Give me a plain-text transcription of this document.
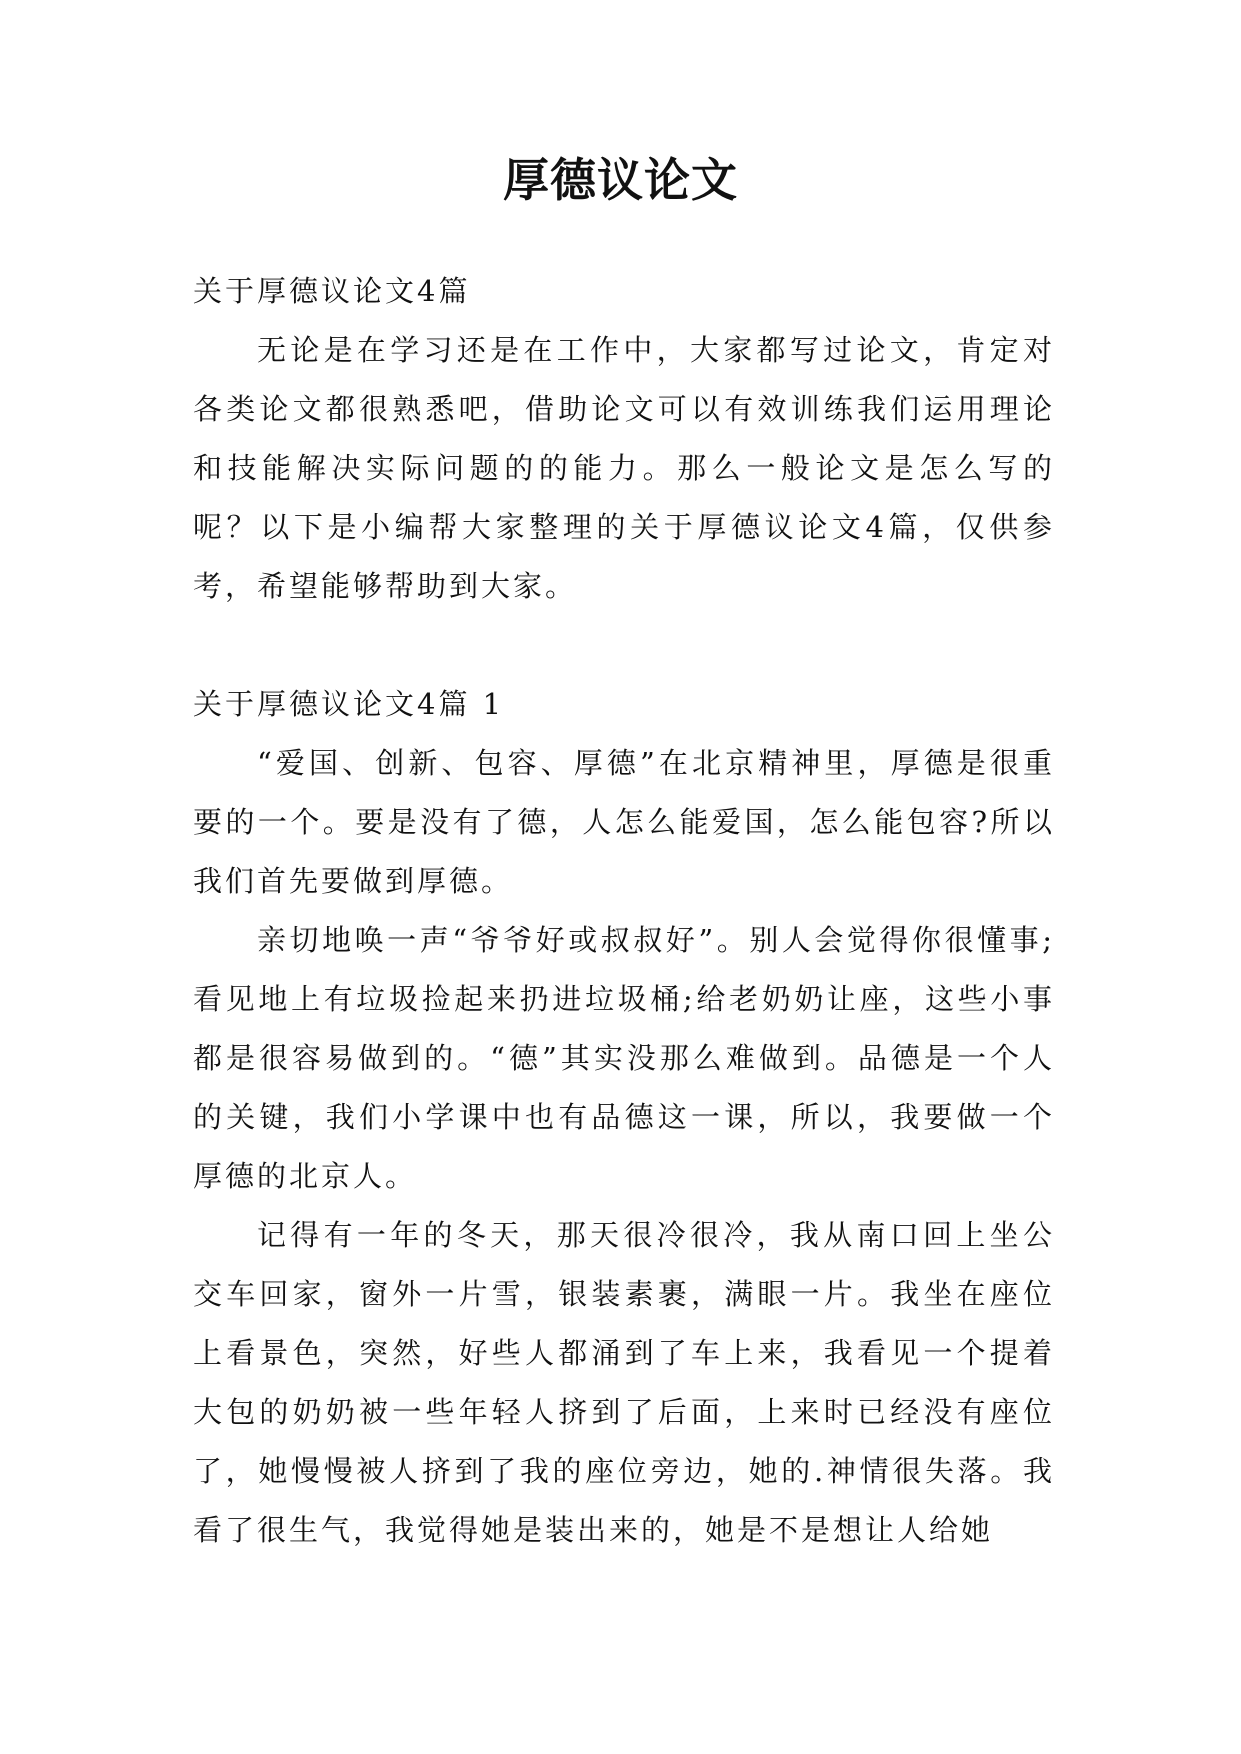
厚德议论文

关于厚德议论文4篇

无论是在学习还是在工作中，大家都写过论文，肯定对各类论文都很熟悉吧，借助论文可以有效训练我们运用理论和技能解决实际问题的的能力。那么一般论文是怎么写的呢？以下是小编帮大家整理的关于厚德议论文4篇，仅供参考，希望能够帮助到大家。

关于厚德议论文4篇 1

“爱国、创新、包容、厚德”在北京精神里，厚德是很重要的一个。要是没有了德，人怎么能爱国，怎么能包容?所以我们首先要做到厚德。

亲切地唤一声“爷爷好或叔叔好”。别人会觉得你很懂事;看见地上有垃圾捡起来扔进垃圾桶;给老奶奶让座，这些小事都是很容易做到的。“德”其实没那么难做到。品德是一个人的关键，我们小学课中也有品德这一课，所以，我要做一个厚德的北京人。

记得有一年的冬天，那天很冷很冷，我从南口回上坐公交车回家，窗外一片雪，银装素裹，满眼一片。我坐在座位上看景色，突然，好些人都涌到了车上来，我看见一个提着大包的奶奶被一些年轻人挤到了后面，上来时已经没有座位了，她慢慢被人挤到了我的座位旁边，她的.神情很失落。我看了很生气，我觉得她是装出来的，她是不是想让人给她
